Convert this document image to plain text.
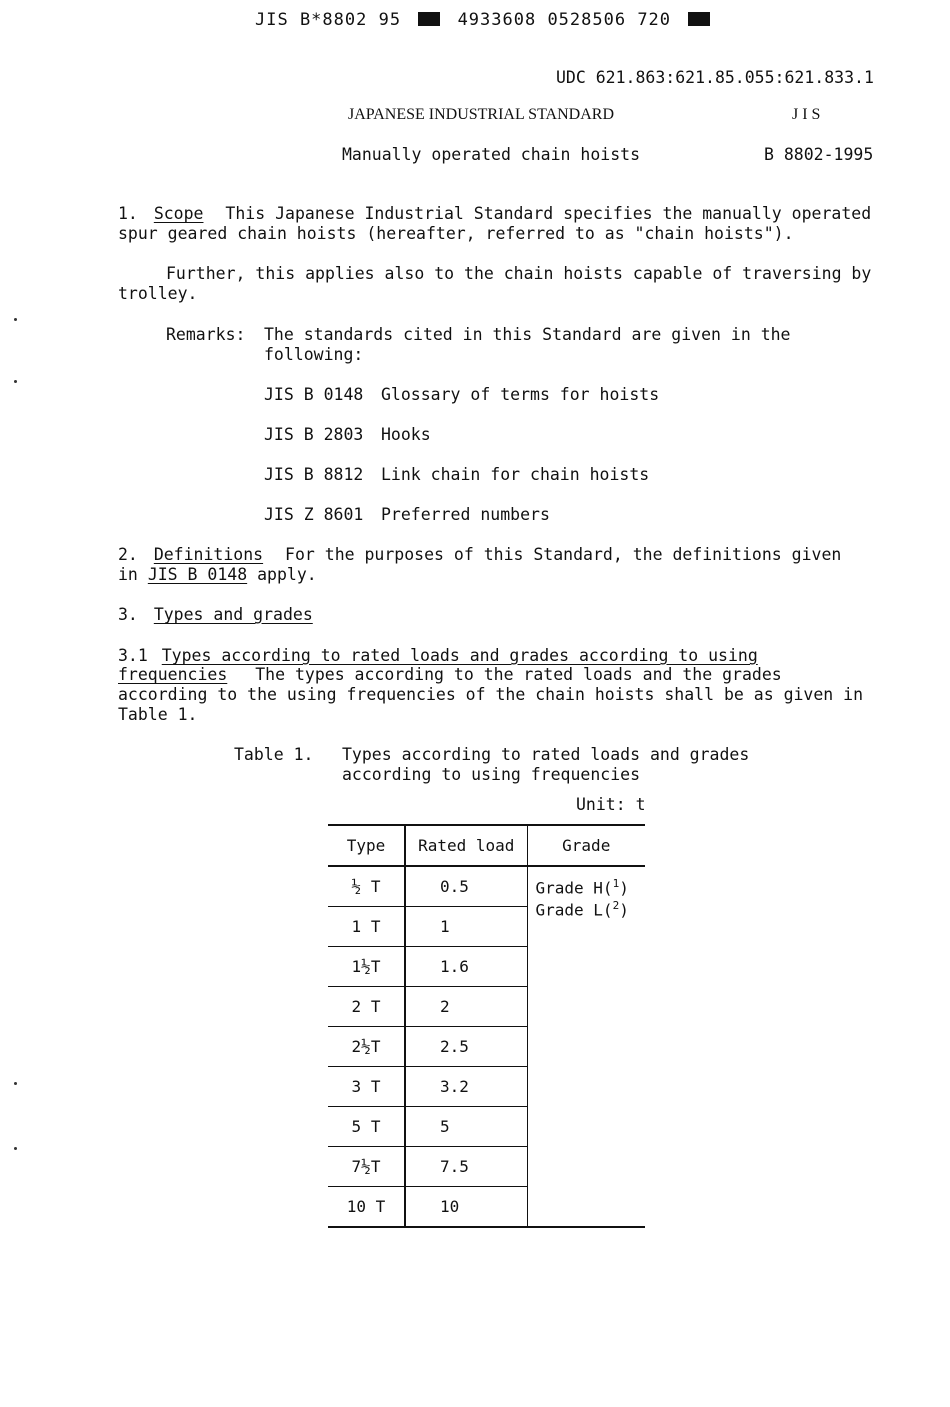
JIS B*8802 95	4933608 0528506 720
UDC 621.863:621.85.055:621.833.1
JAPANESE INDUSTRIAL STANDARD	J I S
Manually operated chain hoists	B 8802-1995
1. Scope This Japanese Industrial Standard specifies the manually operated
spur geared chain hoists (hereafter, referred to as "chain hoists").
Further, this applies also to the chain hoists capable of traversing by
trolley.
Remarks: The standards cited in this Standard are given in the
following:
JIS B 0148 Glossary of terms for hoists
JIS B 2803 Hooks
JIS B 8812 Link chain for chain hoists
JIS Z 8601 Preferred numbers
2. Definitions For the purposes of this Standard, the definitions given
in JIS B 0148 apply.
3. Types and grades
3.1 Types according to rated loads and grades according to using
frequencies The types according to the rated loads and the grades
according to the using frequencies of the chain hoists shall be as given in
Table 1.
Table 1. Types according to rated loads and grades
according to using frequencies
Unit: t
Type	Rated load	Grade
½ T	0.5	Grade H($^1$)
Grade L($^2$)

1 T	1	
1½T	1.6	
2 T	2	
2½T	2.5	
3 T	3.2	
5 T	5	
7½T	7.5	
10 T	10	
